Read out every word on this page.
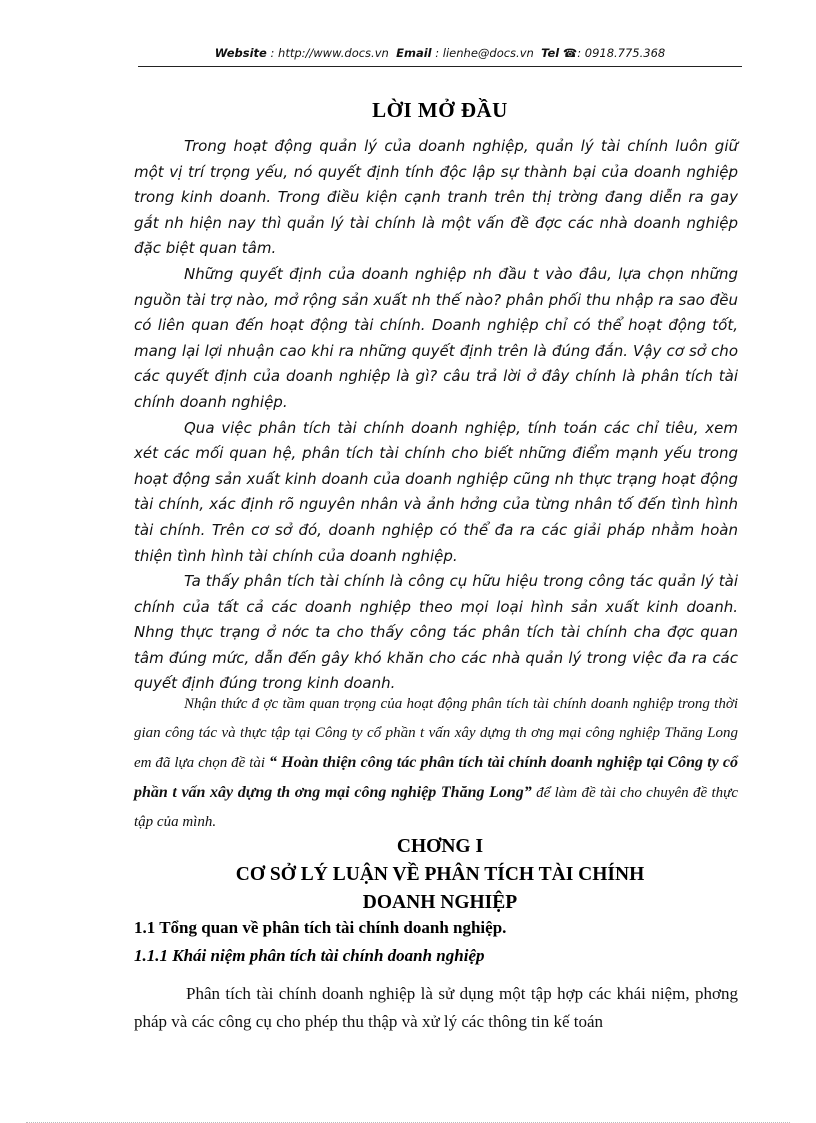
Website : http://www.docs.vn Email : lienhe@docs.vn Tel ☎: 0918.775.368
LỜI MỞ ĐẦU

Trong hoạt động quản lý của doanh nghiệp, quản lý tài chính luôn giữ một vị trí trọng yếu, nó quyết định tính độc lập sự thành bại của doanh nghiệp trong kinh doanh. Trong điều kiện cạnh tranh trên thị trờng đang diễn ra gay gắt nh hiện nay thì quản lý tài chính là một vấn đề đợc các nhà doanh nghiệp đặc biệt quan tâm.

Những quyết định của doanh nghiệp nh đầu t vào đâu, lựa chọn những nguồn tài trợ nào, mở rộng sản xuất nh thế nào? phân phối thu nhập ra sao đều có liên quan đến hoạt động tài chính. Doanh nghiệp chỉ có thể hoạt động tốt, mang lại lợi nhuận cao khi ra những quyết định trên là đúng đắn. Vậy cơ sở cho các quyết định của doanh nghiệp là gì? câu trả lời ở đây chính là phân tích tài chính doanh nghiệp.

Qua việc phân tích tài chính doanh nghiệp, tính toán các chỉ tiêu, xem xét các mối quan hệ, phân tích tài chính cho biết những điểm mạnh yếu trong hoạt động sản xuất kinh doanh của doanh nghiệp cũng nh thực trạng hoạt động tài chính, xác định rõ nguyên nhân và ảnh hởng của từng nhân tố đến tình hình tài chính. Trên cơ sở đó, doanh nghiệp có thể đa ra các giải pháp nhằm hoàn thiện tình hình tài chính của doanh nghiệp.

Ta thấy phân tích tài chính là công cụ hữu hiệu trong công tác quản lý tài chính của tất cả các doanh nghiệp theo mọi loại hình sản xuất kinh doanh. Nhng thực trạng ở nớc ta cho thấy công tác phân tích tài chính cha đợc quan tâm đúng mức, dẫn đến gây khó khăn cho các nhà quản lý trong việc đa ra các quyết định đúng trong kinh doanh.

Nhận thức đ ợc tầm quan trọng của hoạt động phân tích tài chính doanh nghiệp trong thời gian công tác và thực tập tại Công ty cổ phần t vấn xây dựng th ơng mại công nghiệp Thăng Long em đã lựa chọn đề tài “ Hoàn thiện công tác phân tích tài chính doanh nghiệp tại Công ty cổ phần t vấn xây dựng th ơng mại công nghiệp Thăng Long” để làm đề tài cho chuyên đề thực tập của mình.

CHƠNG I
CƠ SỞ LÝ LUẬN VỀ PHÂN TÍCH TÀI CHÍNH
DOANH NGHIỆP
1.1 Tổng quan về phân tích tài chính doanh nghiệp.
1.1.1 Khái niệm phân tích tài chính doanh nghiệp

Phân tích tài chính doanh nghiệp là sử dụng một tập hợp các khái niệm, phơng pháp và các công cụ cho phép thu thập và xử lý các thông tin kế toán
